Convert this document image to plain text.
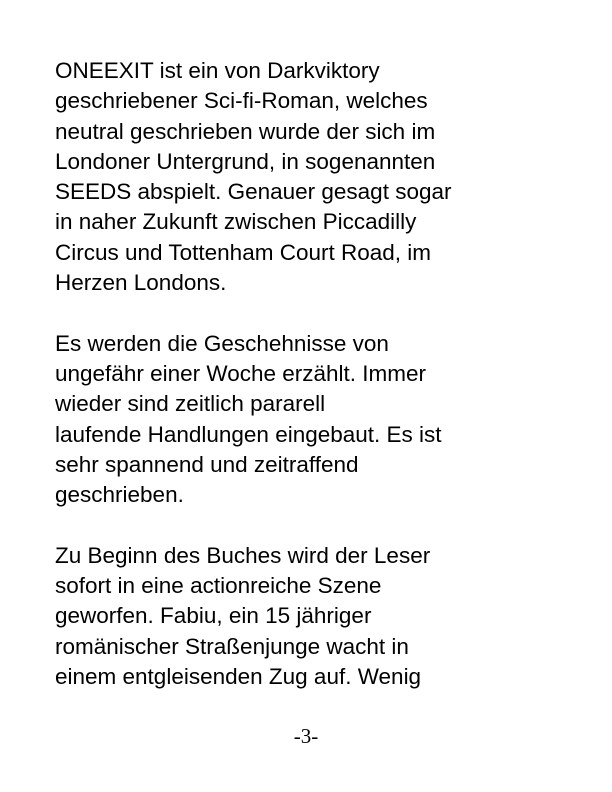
ONEEXIT ist ein von Darkviktory
geschriebener Sci-fi-Roman, welches
neutral geschrieben wurde der sich im
Londoner Untergrund, in sogenannten
SEEDS abspielt. Genauer gesagt sogar
in naher Zukunft zwischen Piccadilly
Circus und Tottenham Court Road, im
Herzen Londons.

Es werden die Geschehnisse von
ungefähr einer Woche erzählt. Immer
wieder sind zeitlich pararell
laufende Handlungen eingebaut. Es ist
sehr spannend und zeitraffend
geschrieben.

Zu Beginn des Buches wird der Leser
sofort in eine actionreiche Szene
geworfen. Fabiu, ein 15 jähriger
romänischer Straßenjunge wacht in
einem entgleisenden Zug auf. Wenig

-3-
